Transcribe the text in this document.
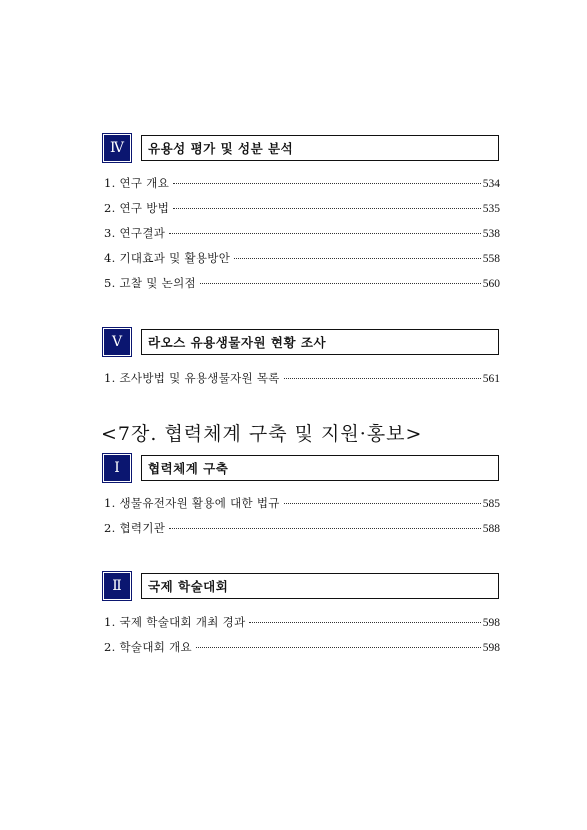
Ⅳ	유용성 평가 및 성분 분석
1. 연구 개요	534
2. 연구 방법	535
3. 연구결과	538
4. 기대효과 및 활용방안	558
5. 고찰 및 논의점	560
Ⅴ	라오스 유용생물자원 현황 조사
1. 조사방법 및 유용생물자원 목록	561
<7장. 협력체계 구축 및 지원·홍보>
Ⅰ	협력체계 구축
1. 생물유전자원 활용에 대한 법규	585
2. 협력기관	588
Ⅱ	국제 학술대회
1. 국제 학술대회 개최 경과	598
2. 학술대회 개요	598
